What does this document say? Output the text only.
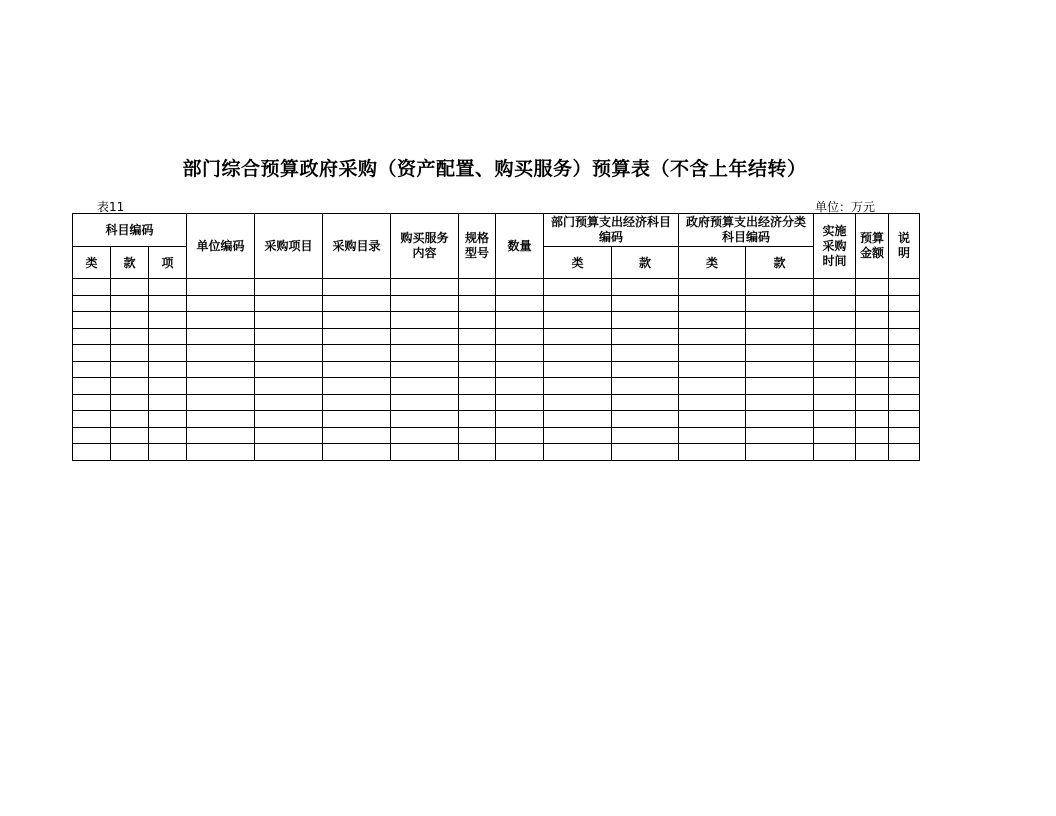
部门综合预算政府采购（资产配置、购买服务）预算表（不含上年结转）
表11	单位：万元
科目编码			单位编码	采购项目	采购目录	购买服务内容	规格型号	数量	部门预算支出经济科目编码		政府预算支出经济分类科目编码		实施采购时间	预算金额	说明
类	款	项							类	款	类	款			
